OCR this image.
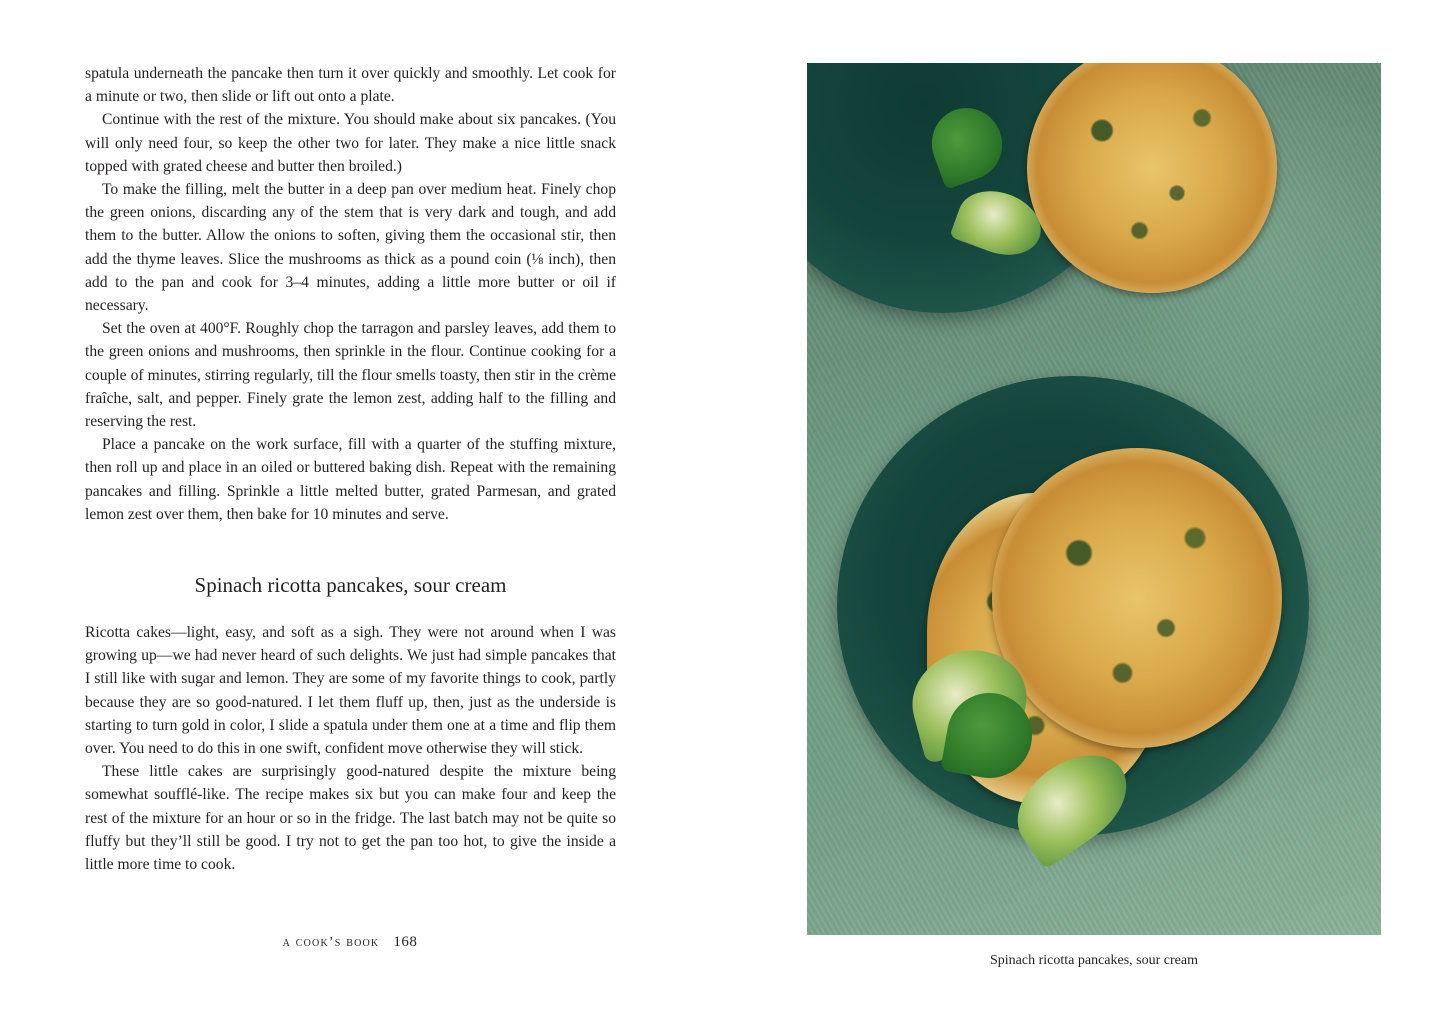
spatula underneath the pancake then turn it over quickly and smoothly. Let cook for a minute or two, then slide or lift out onto a plate.

Continue with the rest of the mixture. You should make about six pancakes. (You will only need four, so keep the other two for later. They make a nice little snack topped with grated cheese and butter then broiled.)

To make the filling, melt the butter in a deep pan over medium heat. Finely chop the green onions, discarding any of the stem that is very dark and tough, and add them to the butter. Allow the onions to soften, giving them the occasional stir, then add the thyme leaves. Slice the mushrooms as thick as a pound coin (⅛ inch), then add to the pan and cook for 3–4 minutes, adding a little more butter or oil if necessary.

Set the oven at 400°F. Roughly chop the tarragon and parsley leaves, add them to the green onions and mushrooms, then sprinkle in the flour. Continue cooking for a couple of minutes, stirring regularly, till the flour smells toasty, then stir in the crème fraîche, salt, and pepper. Finely grate the lemon zest, adding half to the filling and reserving the rest.

Place a pancake on the work surface, fill with a quarter of the stuffing mixture, then roll up and place in an oiled or buttered baking dish. Repeat with the remaining pancakes and filling. Sprinkle a little melted butter, grated Parmesan, and grated lemon zest over them, then bake for 10 minutes and serve.

Spinach ricotta pancakes, sour cream

Ricotta cakes—light, easy, and soft as a sigh. They were not around when I was growing up—we had never heard of such delights. We just had simple pancakes that I still like with sugar and lemon. They are some of my favorite things to cook, partly because they are so good-natured. I let them fluff up, then, just as the underside is starting to turn gold in color, I slide a spatula under them one at a time and flip them over. You need to do this in one swift, confident move otherwise they will stick.

These little cakes are surprisingly good-natured despite the mixture being somewhat soufflé-like. The recipe makes six but you can make four and keep the rest of the mixture for an hour or so in the fridge. The last batch may not be quite so fluffy but they’ll still be good. I try not to get the pan too hot, to give the inside a little more time to cook.

a cook’s book 168
Spinach ricotta pancakes, sour cream
